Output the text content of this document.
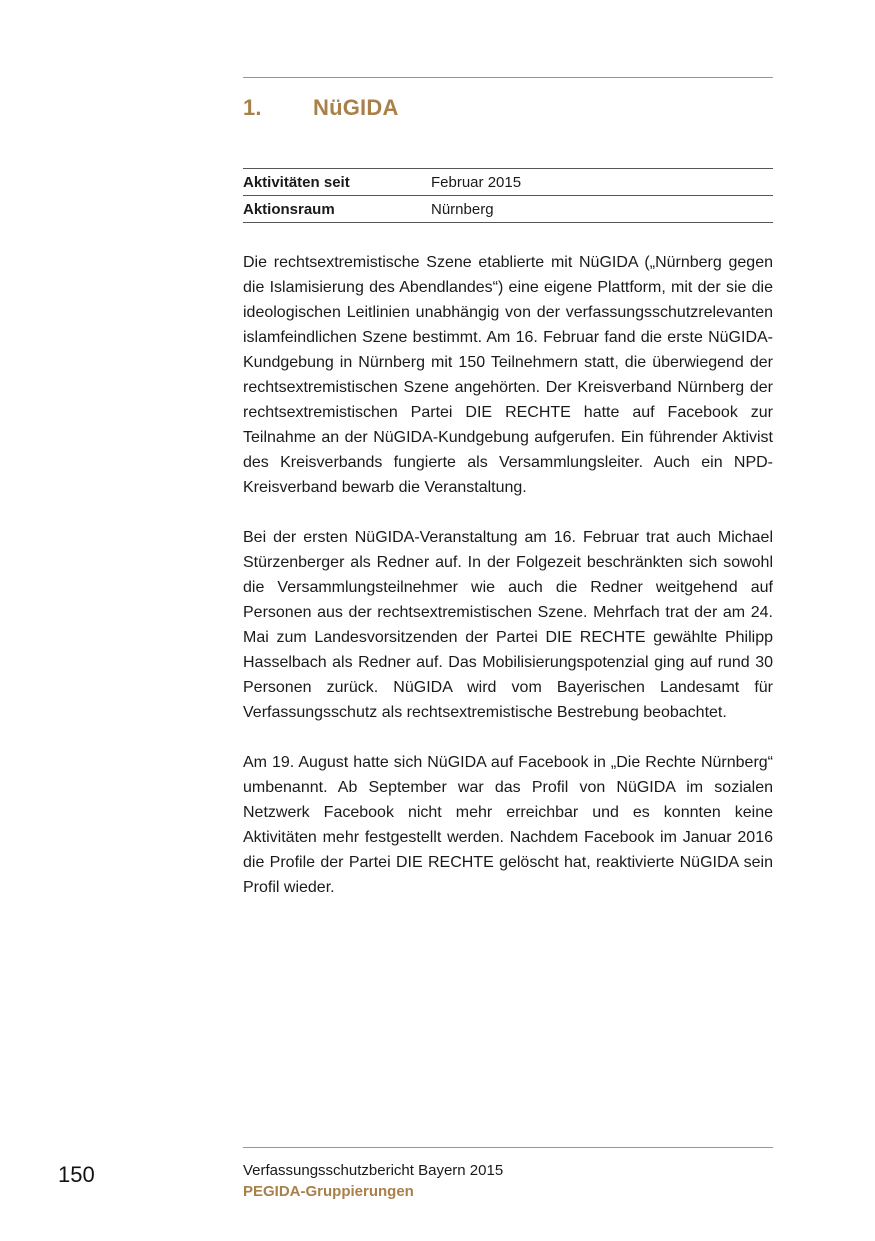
1. NüGIDA
Aktivitäten seit	Februar 2015
Aktionsraum	Nürnberg

Die rechtsextremistische Szene etablierte mit NüGIDA („Nürnberg gegen die Islamisierung des Abendlandes“) eine eigene Plattform, mit der sie die ideologischen Leitlinien unabhängig von der verfassungsschutzrelevanten islamfeindlichen Szene bestimmt. Am 16. Februar fand die erste NüGIDA-Kundgebung in Nürnberg mit 150 Teilnehmern statt, die überwiegend der rechtsextremistischen Szene angehörten. Der Kreisverband Nürnberg der rechtsextremistischen Partei DIE RECHTE hatte auf Facebook zur Teilnahme an der NüGIDA-Kundgebung aufgerufen. Ein führender Aktivist des Kreisverbands fungierte als Versammlungsleiter. Auch ein NPD-Kreisverband bewarb die Veranstaltung.

Bei der ersten NüGIDA-Veranstaltung am 16. Februar trat auch Michael Stürzenberger als Redner auf. In der Folgezeit beschränkten sich sowohl die Versammlungsteilnehmer wie auch die Redner weitgehend auf Personen aus der rechtsextremistischen Szene. Mehrfach trat der am 24. Mai zum Landesvorsitzenden der Partei DIE RECHTE gewählte Philipp Hasselbach als Redner auf. Das Mobilisierungspotenzial ging auf rund 30 Personen zurück. NüGIDA wird vom Bayerischen Landesamt für Verfassungsschutz als rechtsextremistische Bestrebung beobachtet.

Am 19. August hatte sich NüGIDA auf Facebook in „Die Rechte Nürnberg“ umbenannt. Ab September war das Profil von NüGIDA im sozialen Netzwerk Facebook nicht mehr erreichbar und es konnten keine Aktivitäten mehr festgestellt werden. Nachdem Facebook im Januar 2016 die Profile der Partei DIE RECHTE gelöscht hat, reaktivierte NüGIDA sein Profil wieder.

150	Verfassungsschutzbericht Bayern 2015
PEGIDA-Gruppierungen
